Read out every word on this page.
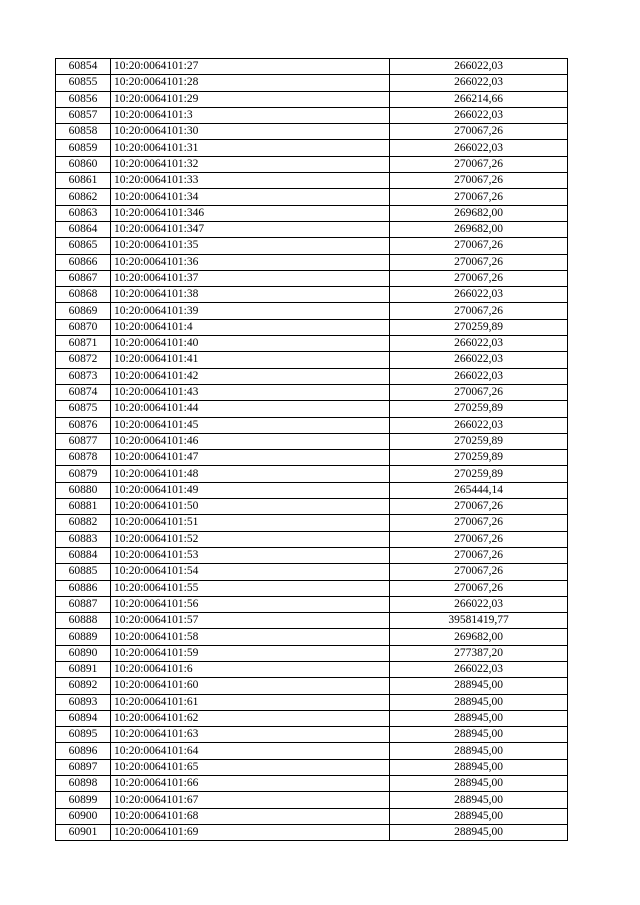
60854	10:20:0064101:27	266022,03
60855	10:20:0064101:28	266022,03
60856	10:20:0064101:29	266214,66
60857	10:20:0064101:3	266022,03
60858	10:20:0064101:30	270067,26
60859	10:20:0064101:31	266022,03
60860	10:20:0064101:32	270067,26
60861	10:20:0064101:33	270067,26
60862	10:20:0064101:34	270067,26
60863	10:20:0064101:346	269682,00
60864	10:20:0064101:347	269682,00
60865	10:20:0064101:35	270067,26
60866	10:20:0064101:36	270067,26
60867	10:20:0064101:37	270067,26
60868	10:20:0064101:38	266022,03
60869	10:20:0064101:39	270067,26
60870	10:20:0064101:4	270259,89
60871	10:20:0064101:40	266022,03
60872	10:20:0064101:41	266022,03
60873	10:20:0064101:42	266022,03
60874	10:20:0064101:43	270067,26
60875	10:20:0064101:44	270259,89
60876	10:20:0064101:45	266022,03
60877	10:20:0064101:46	270259,89
60878	10:20:0064101:47	270259,89
60879	10:20:0064101:48	270259,89
60880	10:20:0064101:49	265444,14
60881	10:20:0064101:50	270067,26
60882	10:20:0064101:51	270067,26
60883	10:20:0064101:52	270067,26
60884	10:20:0064101:53	270067,26
60885	10:20:0064101:54	270067,26
60886	10:20:0064101:55	270067,26
60887	10:20:0064101:56	266022,03
60888	10:20:0064101:57	39581419,77
60889	10:20:0064101:58	269682,00
60890	10:20:0064101:59	277387,20
60891	10:20:0064101:6	266022,03
60892	10:20:0064101:60	288945,00
60893	10:20:0064101:61	288945,00
60894	10:20:0064101:62	288945,00
60895	10:20:0064101:63	288945,00
60896	10:20:0064101:64	288945,00
60897	10:20:0064101:65	288945,00
60898	10:20:0064101:66	288945,00
60899	10:20:0064101:67	288945,00
60900	10:20:0064101:68	288945,00
60901	10:20:0064101:69	288945,00
